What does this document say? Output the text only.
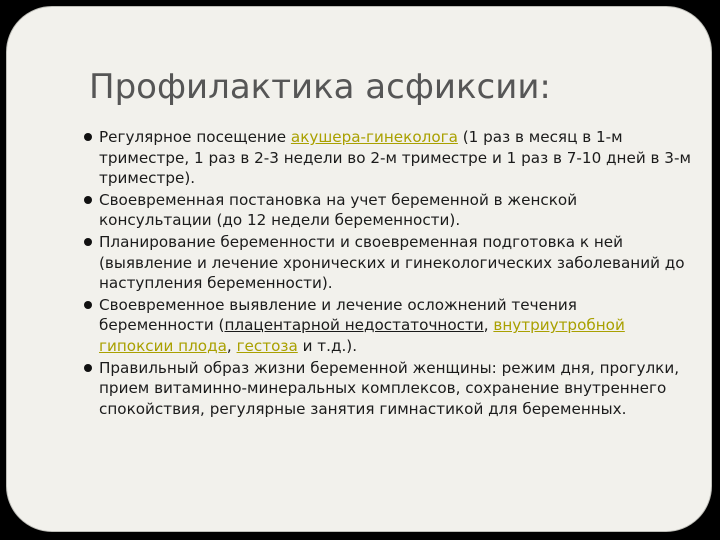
Профилактика асфиксии:
Регулярное посещение акушера-гинеколога (1 раз в месяц в 1-м триместре, 1 раз в 2-3 недели во 2-м триместре и 1 раз в 7-10 дней в 3-м триместре).
Своевременная постановка на учет беременной в женской консультации (до 12 недели беременности).
Планирование беременности и своевременная подготовка к ней (выявление и лечение хронических и гинекологических заболеваний до наступления беременности).
Своевременное выявление и лечение осложнений течения беременности (плацентарной недостаточности, внутриутробной гипоксии плода, гестоза и т.д.).
Правильный образ жизни беременной женщины: режим дня, прогулки, прием витаминно-минеральных комплексов, сохранение внутреннего спокойствия, регулярные занятия гимнастикой для беременных.
